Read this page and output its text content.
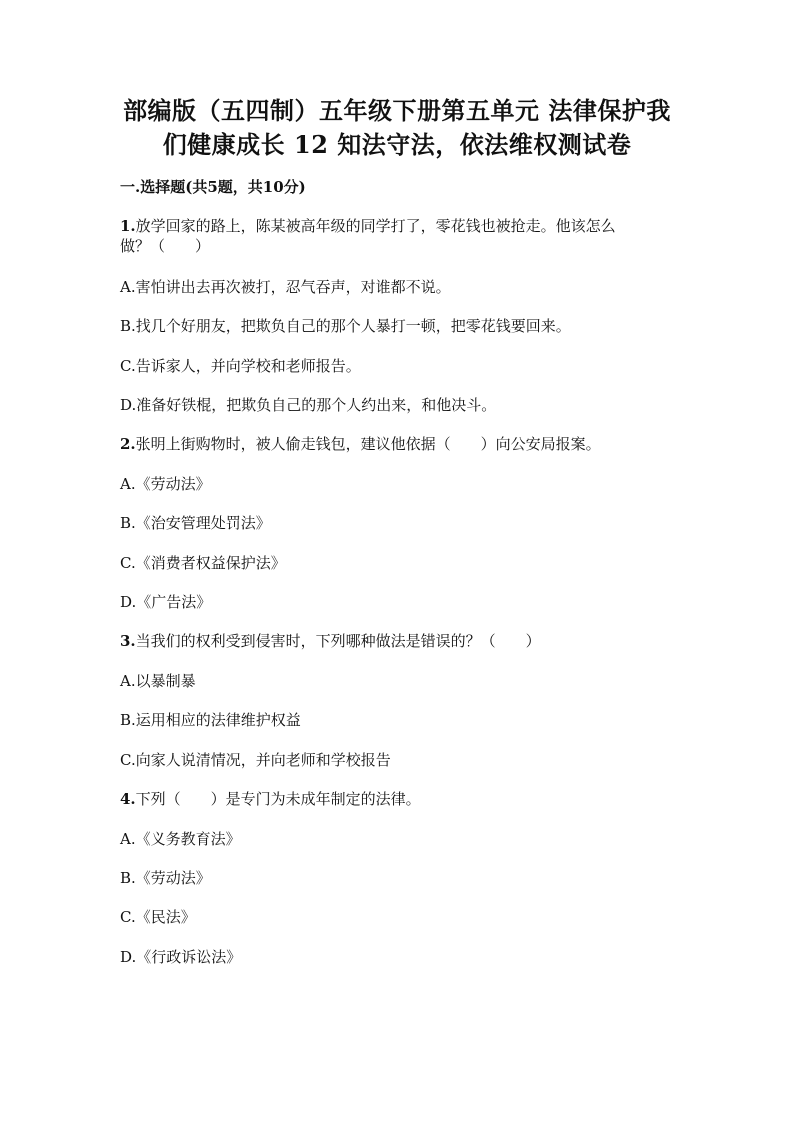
部编版（五四制）五年级下册第五单元 法律保护我
们健康成长 12 知法守法，依法维权测试卷
一.选择题(共5题，共10分)
1.放学回家的路上，陈某被高年级的同学打了，零花钱也被抢走。他该怎么
做？（　　）
A.害怕讲出去再次被打，忍气吞声，对谁都不说。
B.找几个好朋友，把欺负自己的那个人暴打一顿，把零花钱要回来。
C.告诉家人，并向学校和老师报告。
D.准备好铁棍，把欺负自己的那个人约出来，和他决斗。
2.张明上街购物时，被人偷走钱包，建议他依据（　　）向公安局报案。
A.《劳动法》
B.《治安管理处罚法》
C.《消费者权益保护法》
D.《广告法》
3.当我们的权利受到侵害时，下列哪种做法是错误的？（　　）
A.以暴制暴
B.运用相应的法律维护权益
C.向家人说清情况，并向老师和学校报告
4.下列（　　）是专门为未成年制定的法律。
A.《义务教育法》
B.《劳动法》
C.《民法》
D.《行政诉讼法》
